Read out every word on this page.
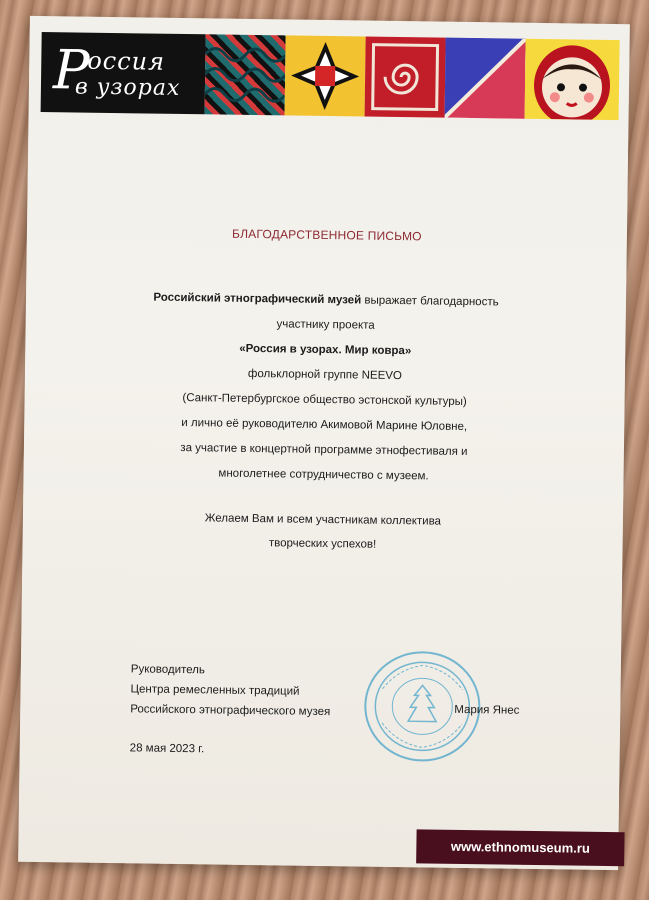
Р
оссия
в узорах
БЛАГОДАРСТВЕННОЕ ПИСЬМО

Российский этнографический музей выражает благодарность

участнику проекта

«Россия в узорах. Мир ковра»

фольклорной группе NEEVO

(Санкт-Петербургское общество эстонской культуры)

и лично её руководителю Акимовой Марине Юловне,

за участие в концертной программе этнофестиваля и

многолетнее сотрудничество с музеем.

Желаем Вам и всем участникам коллектива

творческих успехов!

Руководитель

Центра ремесленных традиций

Российского этнографического музея	Мария Янес
28 мая 2023 г.
www.ethnomuseum.ru
